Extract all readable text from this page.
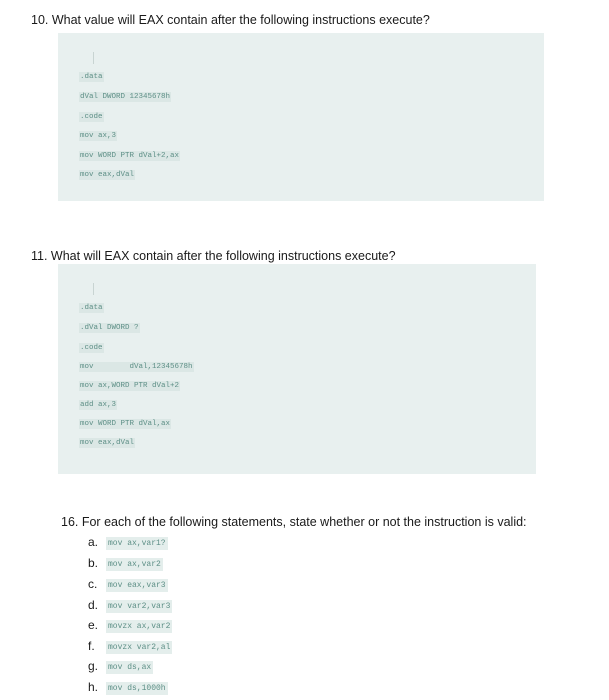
10. What value will EAX contain after the following instructions execute?
.data
dVal DWORD 12345678h
.code
mov ax,3
mov WORD PTR dVal+2,ax
mov eax,dVal
11. What will EAX contain after the following instructions execute?
.data
.dVal DWORD ?
.code
mov        dVal,12345678h
mov ax,WORD PTR dVal+2
add ax,3
mov WORD PTR dVal,ax
mov eax,dVal
16. For each of the following statements, state whether or not the instruction is valid:
a. mov ax,var1?
b. mov ax,var2
c. mov eax,var3
d. mov var2,var3
e. movzx ax,var2
f. movzx var2,al
g. mov ds,ax
h. mov ds,1000h
